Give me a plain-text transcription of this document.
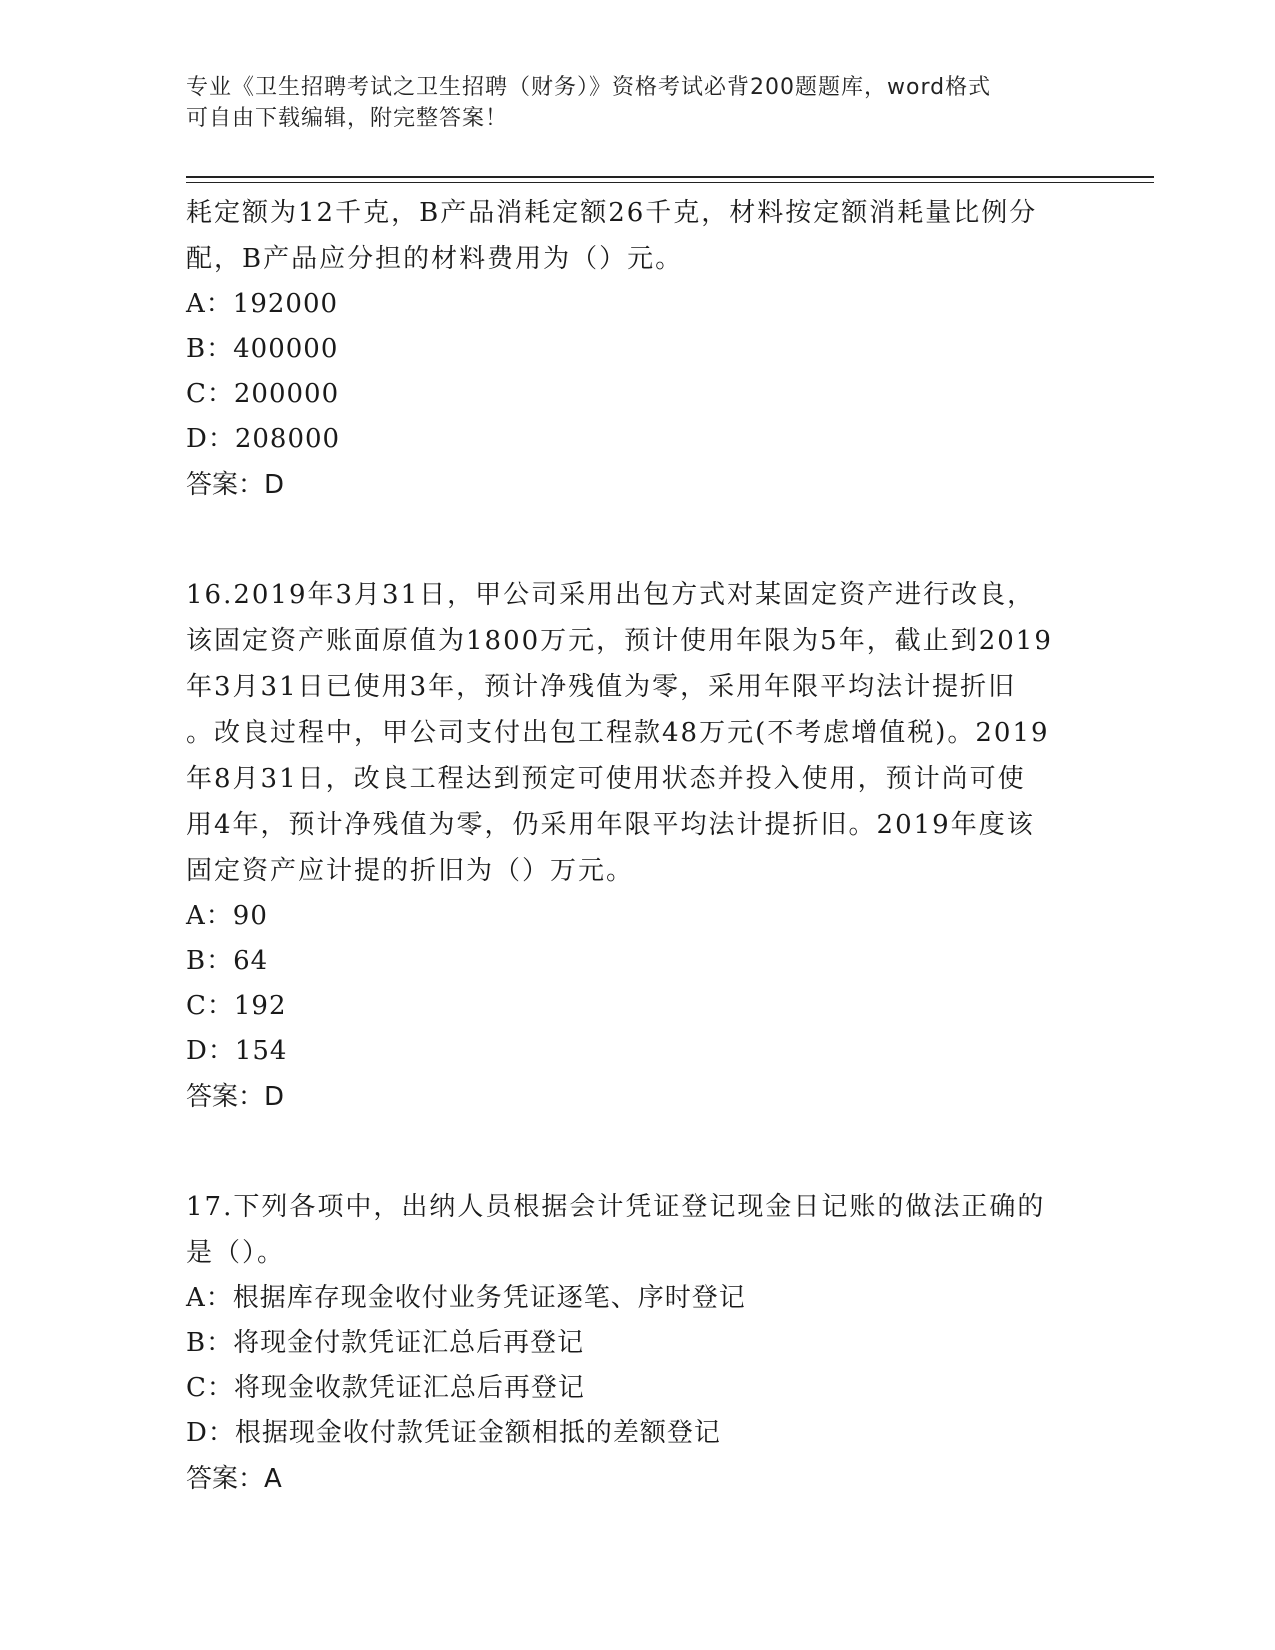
专业《卫生招聘考试之卫生招聘（财务）》资格考试必背200题题库，word格式
可自由下载编辑，附完整答案！
耗定额为12千克，B产品消耗定额26千克，材料按定额消耗量比例分
配，B产品应分担的材料费用为（）元。
A：192000
B：400000
C：200000
D：208000
答案：D
16.2019年3月31日，甲公司采用出包方式对某固定资产进行改良，
该固定资产账面原值为1800万元，预计使用年限为5年，截止到2019
年3月31日已使用3年，预计净残值为零，采用年限平均法计提折旧
。改良过程中，甲公司支付出包工程款48万元(不考虑增值税)。2019
年8月31日，改良工程达到预定可使用状态并投入使用，预计尚可使
用4年，预计净残值为零，仍采用年限平均法计提折旧。2019年度该
固定资产应计提的折旧为（）万元。
A：90
B：64
C：192
D：154
答案：D
17.下列各项中，出纳人员根据会计凭证登记现金日记账的做法正确的
是（）。
A：根据库存现金收付业务凭证逐笔、序时登记
B：将现金付款凭证汇总后再登记
C：将现金收款凭证汇总后再登记
D：根据现金收付款凭证金额相抵的差额登记
答案：A
